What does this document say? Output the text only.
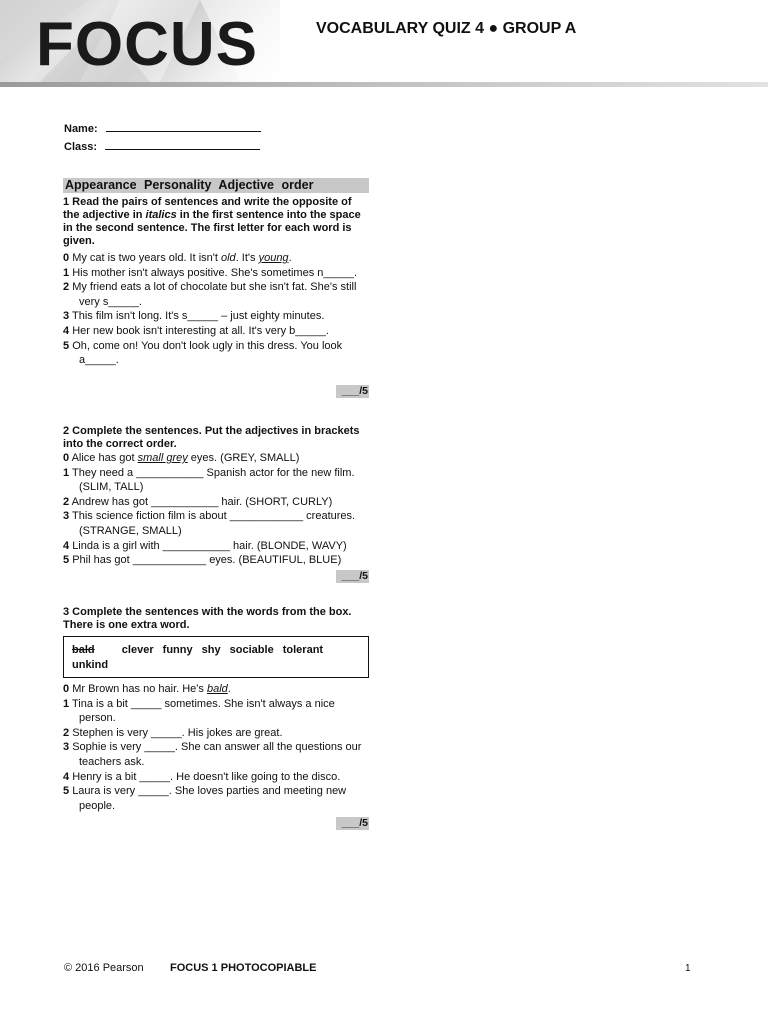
FOCUS	VOCABULARY QUIZ 4 ● GROUP A
Name:
Class:
Appearance Personality Adjective order
1 Read the pairs of sentences and write the opposite of the adjective in italics in the first sentence into the space in the second sentence. The first letter for each word is given.
0 My cat is two years old. It isn't old. It's young.
1 His mother isn't always positive. She's sometimes n_____.
2 My friend eats a lot of chocolate but she isn't fat. She's still very s_____.
3 This film isn't long. It's s_____ – just eighty minutes.
4 Her new book isn't interesting at all. It's very b_____.
5 Oh, come on! You don't look ugly in this dress. You look a_____.
___/5
2 Complete the sentences. Put the adjectives in brackets into the correct order.
0 Alice has got small grey eyes. (GREY, SMALL)
1 They need a ___________ Spanish actor for the new film. (SLIM, TALL)
2 Andrew has got ___________ hair. (SHORT, CURLY)
3 This science fiction film is about ____________ creatures. (STRANGE, SMALL)
4 Linda is a girl with ___________ hair. (BLONDE, WAVY)
5 Phil has got ____________ eyes. (BEAUTIFUL, BLUE)
___/5
3 Complete the sentences with the words from the box. There is one extra word.
bald clever funny shy sociable tolerant
unkind
0 Mr Brown has no hair. He's bald.
1 Tina is a bit _____ sometimes. She isn't always a nice person.
2 Stephen is very _____. His jokes are great.
3 Sophie is very _____. She can answer all the questions our teachers ask.
4 Henry is a bit _____. He doesn't like going to the disco.
5 Laura is very _____. She loves parties and meeting new people.
___/5
© 2016 Pearson FOCUS 1 PHOTOCOPIABLE	1
